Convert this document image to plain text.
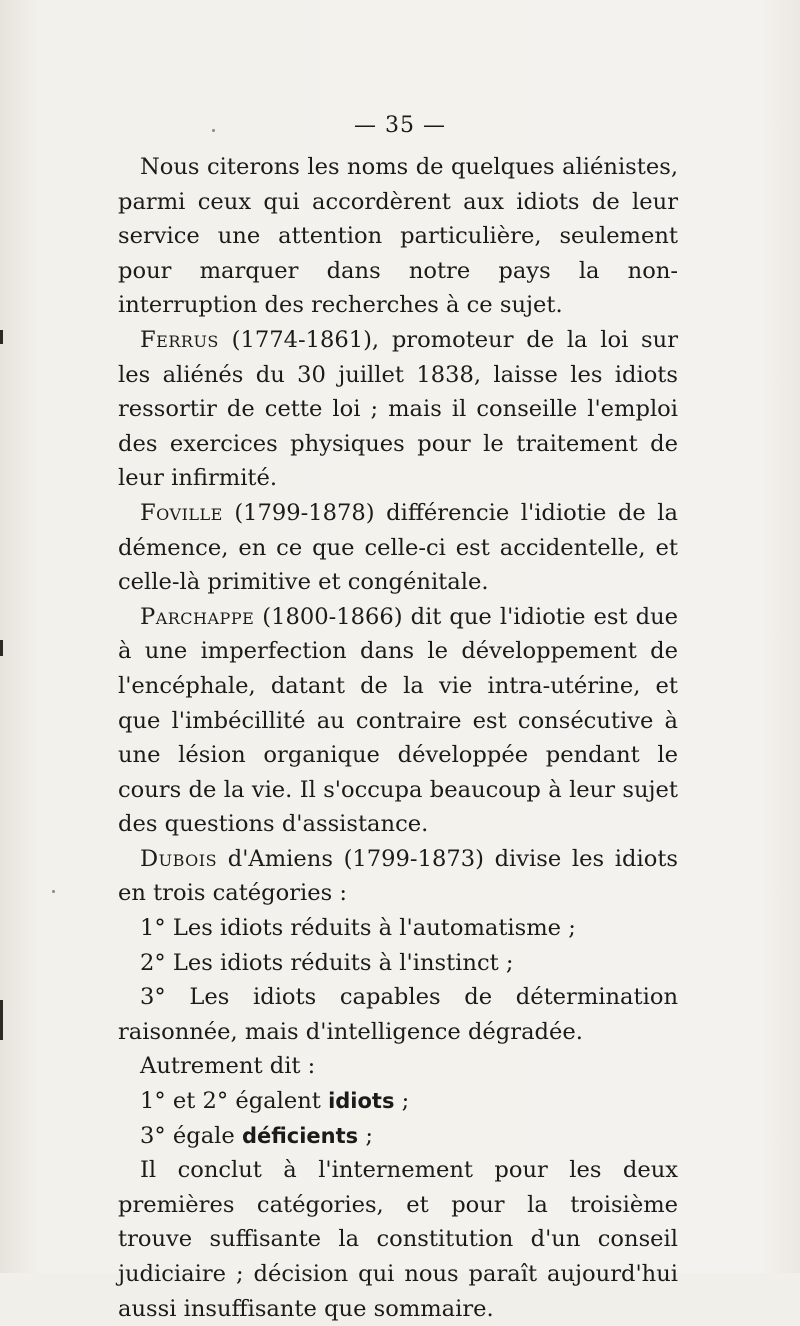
— 35 —

Nous citerons les noms de quelques aliénistes, parmi ceux qui accordèrent aux idiots de leur service une attention particulière, seulement pour marquer dans notre pays la non-interruption des recherches à ce sujet.

Ferrus (1774-1861), promoteur de la loi sur les aliénés du 30 juillet 1838, laisse les idiots ressortir de cette loi ; mais il conseille l'emploi des exercices physiques pour le traitement de leur infirmité.

Foville (1799-1878) différencie l'idiotie de la démence, en ce que celle-ci est accidentelle, et celle-là primitive et congénitale.

Parchappe (1800-1866) dit que l'idiotie est due à une imperfection dans le développement de l'encéphale, datant de la vie intra-utérine, et que l'imbécillité au contraire est consécutive à une lésion organique développée pendant le cours de la vie. Il s'occupa beaucoup à leur sujet des questions d'assistance.

Dubois d'Amiens (1799-1873) divise les idiots en trois catégories :

1° Les idiots réduits à l'automatisme ;

2° Les idiots réduits à l'instinct ;

3° Les idiots capables de détermination raisonnée, mais d'intelligence dégradée.

Autrement dit :

1° et 2° égalent idiots ;

3° égale déficients ;

Il conclut à l'internement pour les deux premières catégories, et pour la troisième trouve suffisante la constitution d'un conseil judiciaire ; décision qui nous paraît aujourd'hui aussi insuffisante que sommaire.
